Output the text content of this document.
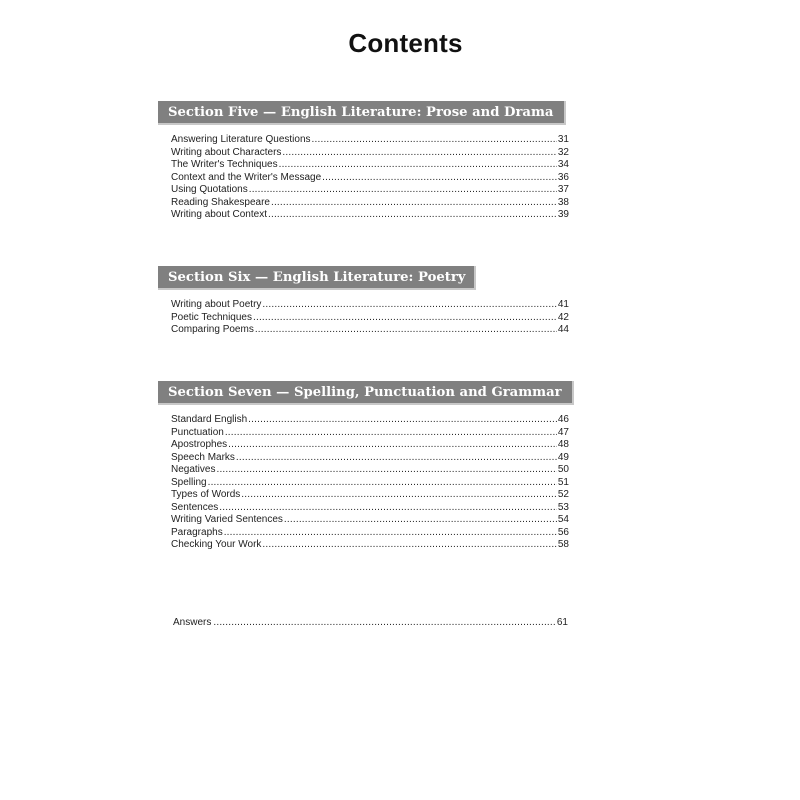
Contents
Section Five — English Literature: Prose and Drama
Answering Literature Questions .....	31
Writing about Characters .....	32
The Writer's Techniques .....	34
Context and the Writer's Message .....	36
Using Quotations .....	37
Reading Shakespeare .....	38
Writing about Context .....	39
Section Six — English Literature: Poetry
Writing about Poetry .....	41
Poetic Techniques .....	42
Comparing Poems .....	44
Section Seven — Spelling, Punctuation and Grammar
Standard English .....	46
Punctuation .....	47
Apostrophes .....	48
Speech Marks .....	49
Negatives .....	50
Spelling .....	51
Types of Words .....	52
Sentences .....	53
Writing Varied Sentences .....	54
Paragraphs .....	56
Checking Your Work .....	58
Answers .....	61
